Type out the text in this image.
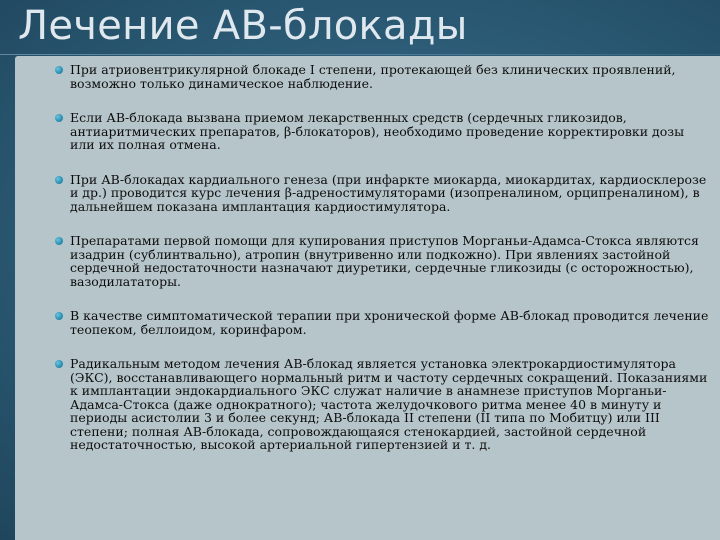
Лечение АВ-блокады
При атриовентрикулярной блокаде I степени, протекающей без клинических проявлений, возможно только динамическое наблюдение.
Если АВ-блокада вызвана приемом лекарственных средств (сердечных гликозидов, антиаритмических препаратов, β-блокаторов), необходимо проведение корректировки дозы или их полная отмена.
При АВ-блокадах кардиального генеза (при инфаркте миокарда, миокардитах, кардиосклерозе и др.) проводится курс лечения β-адреностимуляторами (изопреналином, орципреналином), в дальнейшем показана имплантация кардиостимулятора.
Препаратами первой помощи для купирования приступов Морганьи-Адамса-Стокса являются изадрин (сублинтвально), атропин (внутривенно или подкожно). При явлениях застойной сердечной недостаточности назначают диуретики, сердечные гликозиды (с осторожностью), вазодилататоры.
В качестве симптоматической терапии при хронической форме АВ-блокад проводится лечение теопеком, беллоидом, коринфаром.
Радикальным методом лечения АВ-блокад является установка электрокардиостимулятора (ЭКС), восстанавливающего нормальный ритм и частоту сердечных сокращений. Показаниями к имплантации эндокардиального ЭКС служат наличие в анамнезе приступов Морганьи-Адамса-Стокса (даже однократного); частота желудочкового ритма менее 40 в минуту и периоды асистолии 3 и более секунд; АВ-блокада II степени (II типа по Мобитцу) или III степени; полная АВ-блокада, сопровождающаяся стенокардией, застойной сердечной недостаточностью, высокой артериальной гипертензией и т. д.
